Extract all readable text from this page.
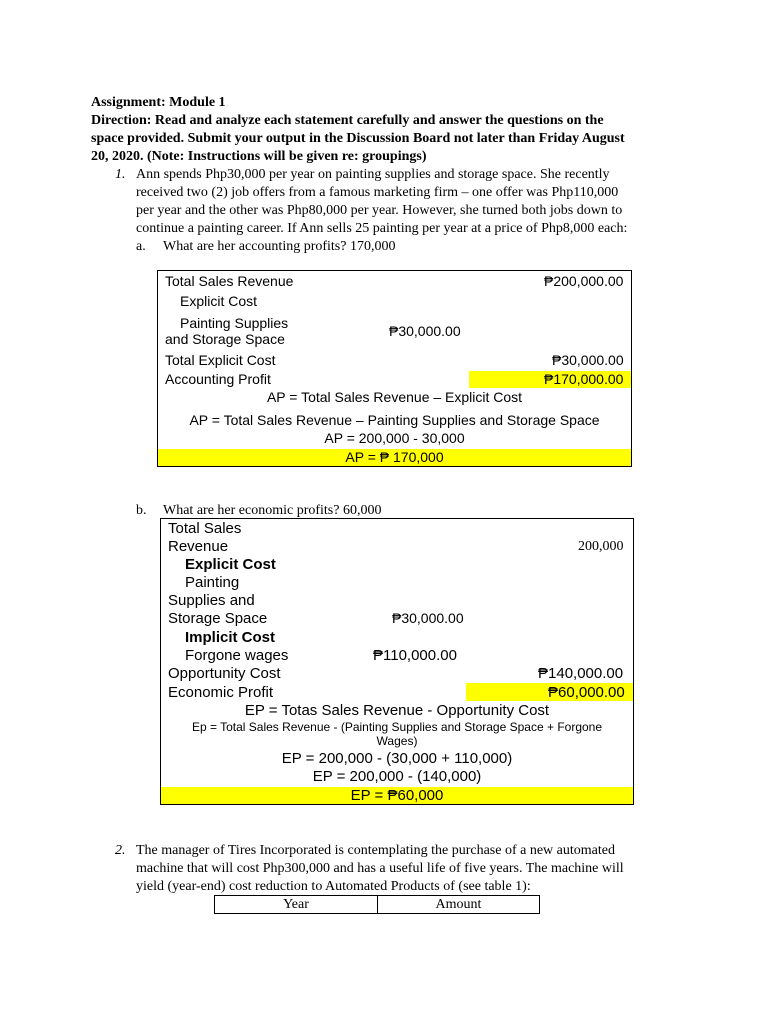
Assignment: Module 1
Direction: Read and analyze each statement carefully and answer the questions on the
space provided. Submit your output in the Discussion Board not later than Friday August
20, 2020. (Note: Instructions will be given re: groupings)
1. Ann spends Php30,000 per year on painting supplies and storage space. She recently
received two (2) job offers from a famous marketing firm – one offer was Php110,000
per year and the other was Php80,000 per year. However, she turned both jobs down to
continue a painting career. If Ann sells 25 painting per year at a price of Php8,000 each:
a. What are her accounting profits? 170,000
Total Sales Revenue	₱200,000.00
Explicit Cost
Painting Supplies
and Storage Space	₱30,000.00
Total Explicit Cost	₱30,000.00
Accounting Profit	₱170,000.00
AP = Total Sales Revenue – Explicit Cost
AP = Total Sales Revenue – Painting Supplies and Storage Space
AP = 200,000 - 30,000
AP = ₱ 170,000
b. What are her economic profits? 60,000
Total Sales
Revenue	200,000
Explicit Cost
Painting
Supplies and
Storage Space	₱30,000.00
Implicit Cost
Forgone wages	₱110,000.00
Opportunity Cost	₱140,000.00
Economic Profit	₱60,000.00
EP = Totas Sales Revenue - Opportunity Cost
Ep = Total Sales Revenue - (Painting Supplies and Storage Space + Forgone
Wages)
EP = 200,000 - (30,000 + 110,000)
EP = 200,000 - (140,000)
EP = ₱60,000
2. The manager of Tires Incorporated is contemplating the purchase of a new automated
machine that will cost Php300,000 and has a useful life of five years. The machine will
yield (year-end) cost reduction to Automated Products of (see table 1):
Year	Amount
